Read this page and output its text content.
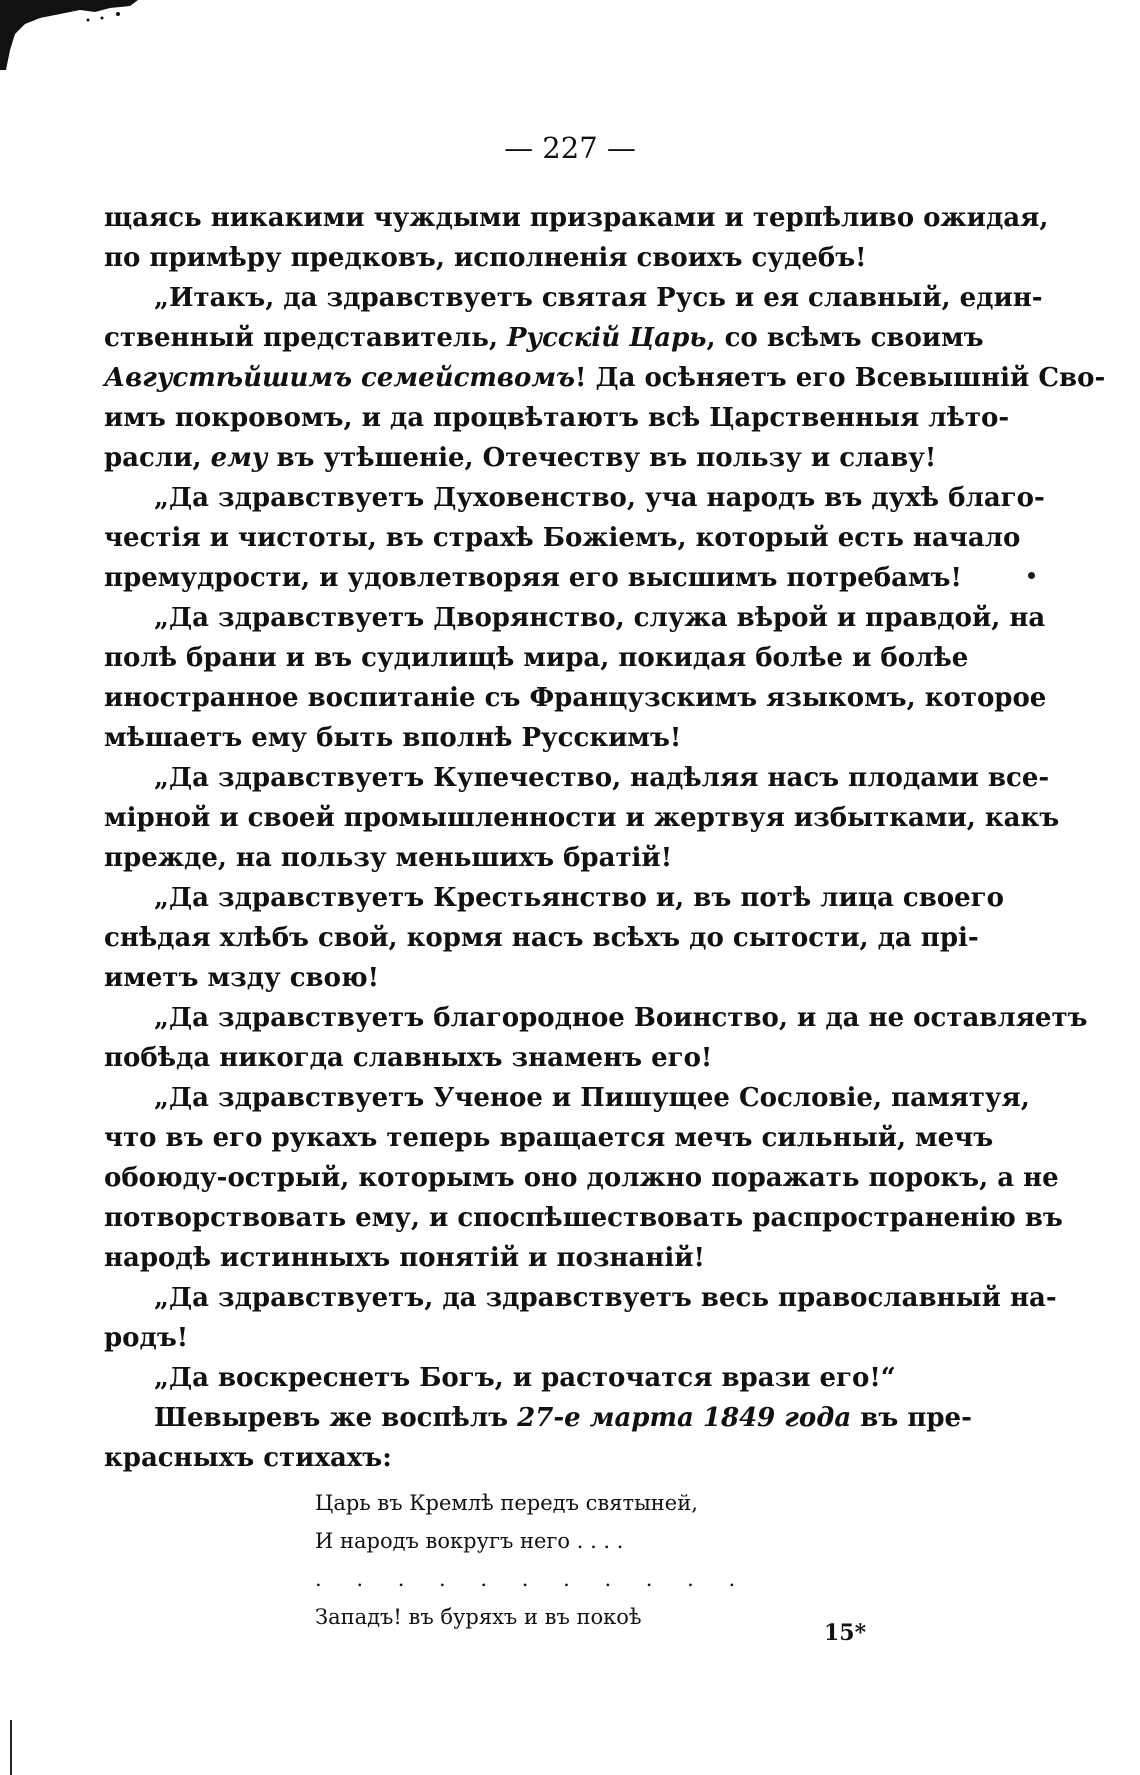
— 227 —
щаясь никакими чуждыми призраками и терпѣливо ожидая,
по примѣру предковъ, исполненія своихъ судебъ!
„Итакъ, да здравствуетъ святая Русь и ея славный, един-
ственный представитель, Русскій Царь, со всѣмъ своимъ
Августѣйшимъ семействомъ! Да осѣняетъ его Всевышній Сво-
имъ покровомъ, и да процвѣтаютъ всѣ Царственныя лѣто-
расли, ему въ утѣшеніе, Отечеству въ пользу и славу!
„Да здравствуетъ Духовенство, уча народъ въ духѣ благо-
честія и чистоты, въ страхѣ Божіемъ, который есть начало
премудрости, и удовлетворяя его высшимъ потребамъ!
„Да здравствуетъ Дворянство, служа вѣрой и правдой, на
полѣ брани и въ судилищѣ мира, покидая болѣе и болѣе
иностранное воспитаніе съ Французскимъ языкомъ, которое
мѣшаетъ ему быть вполнѣ Русскимъ!
„Да здравствуетъ Купечество, надѣляя насъ плодами все-
мірной и своей промышленности и жертвуя избытками, какъ
прежде, на пользу меньшихъ братій!
„Да здравствуетъ Крестьянство и, въ потѣ лица своего
снѣдая хлѣбъ свой, кормя насъ всѣхъ до сытости, да прі-
иметъ мзду свою!
„Да здравствуетъ благородное Воинство, и да не оставляетъ
побѣда никогда славныхъ знаменъ его!
„Да здравствуетъ Ученое и Пишущее Сословіе, памятуя,
что въ его рукахъ теперь вращается мечъ сильный, мечъ
обоюду-острый, которымъ оно должно поражать порокъ, а не
потворствовать ему, и споспѣшествовать распространенію въ
народѣ истинныхъ понятій и познаній!
„Да здравствуетъ, да здравствуетъ весь православный на-
родъ!
„Да воскреснетъ Богъ, и расточатся врази его!“
Шевыревъ же воспѣлъ 27-е марта 1849 года въ пре-
красныхъ стихахъ:
Царь въ Кремлѣ передъ святыней,
И народъ вокругъ него . . . .
. . . . . . . . . . .
Западъ! въ буряхъ и въ покоѣ
15*
